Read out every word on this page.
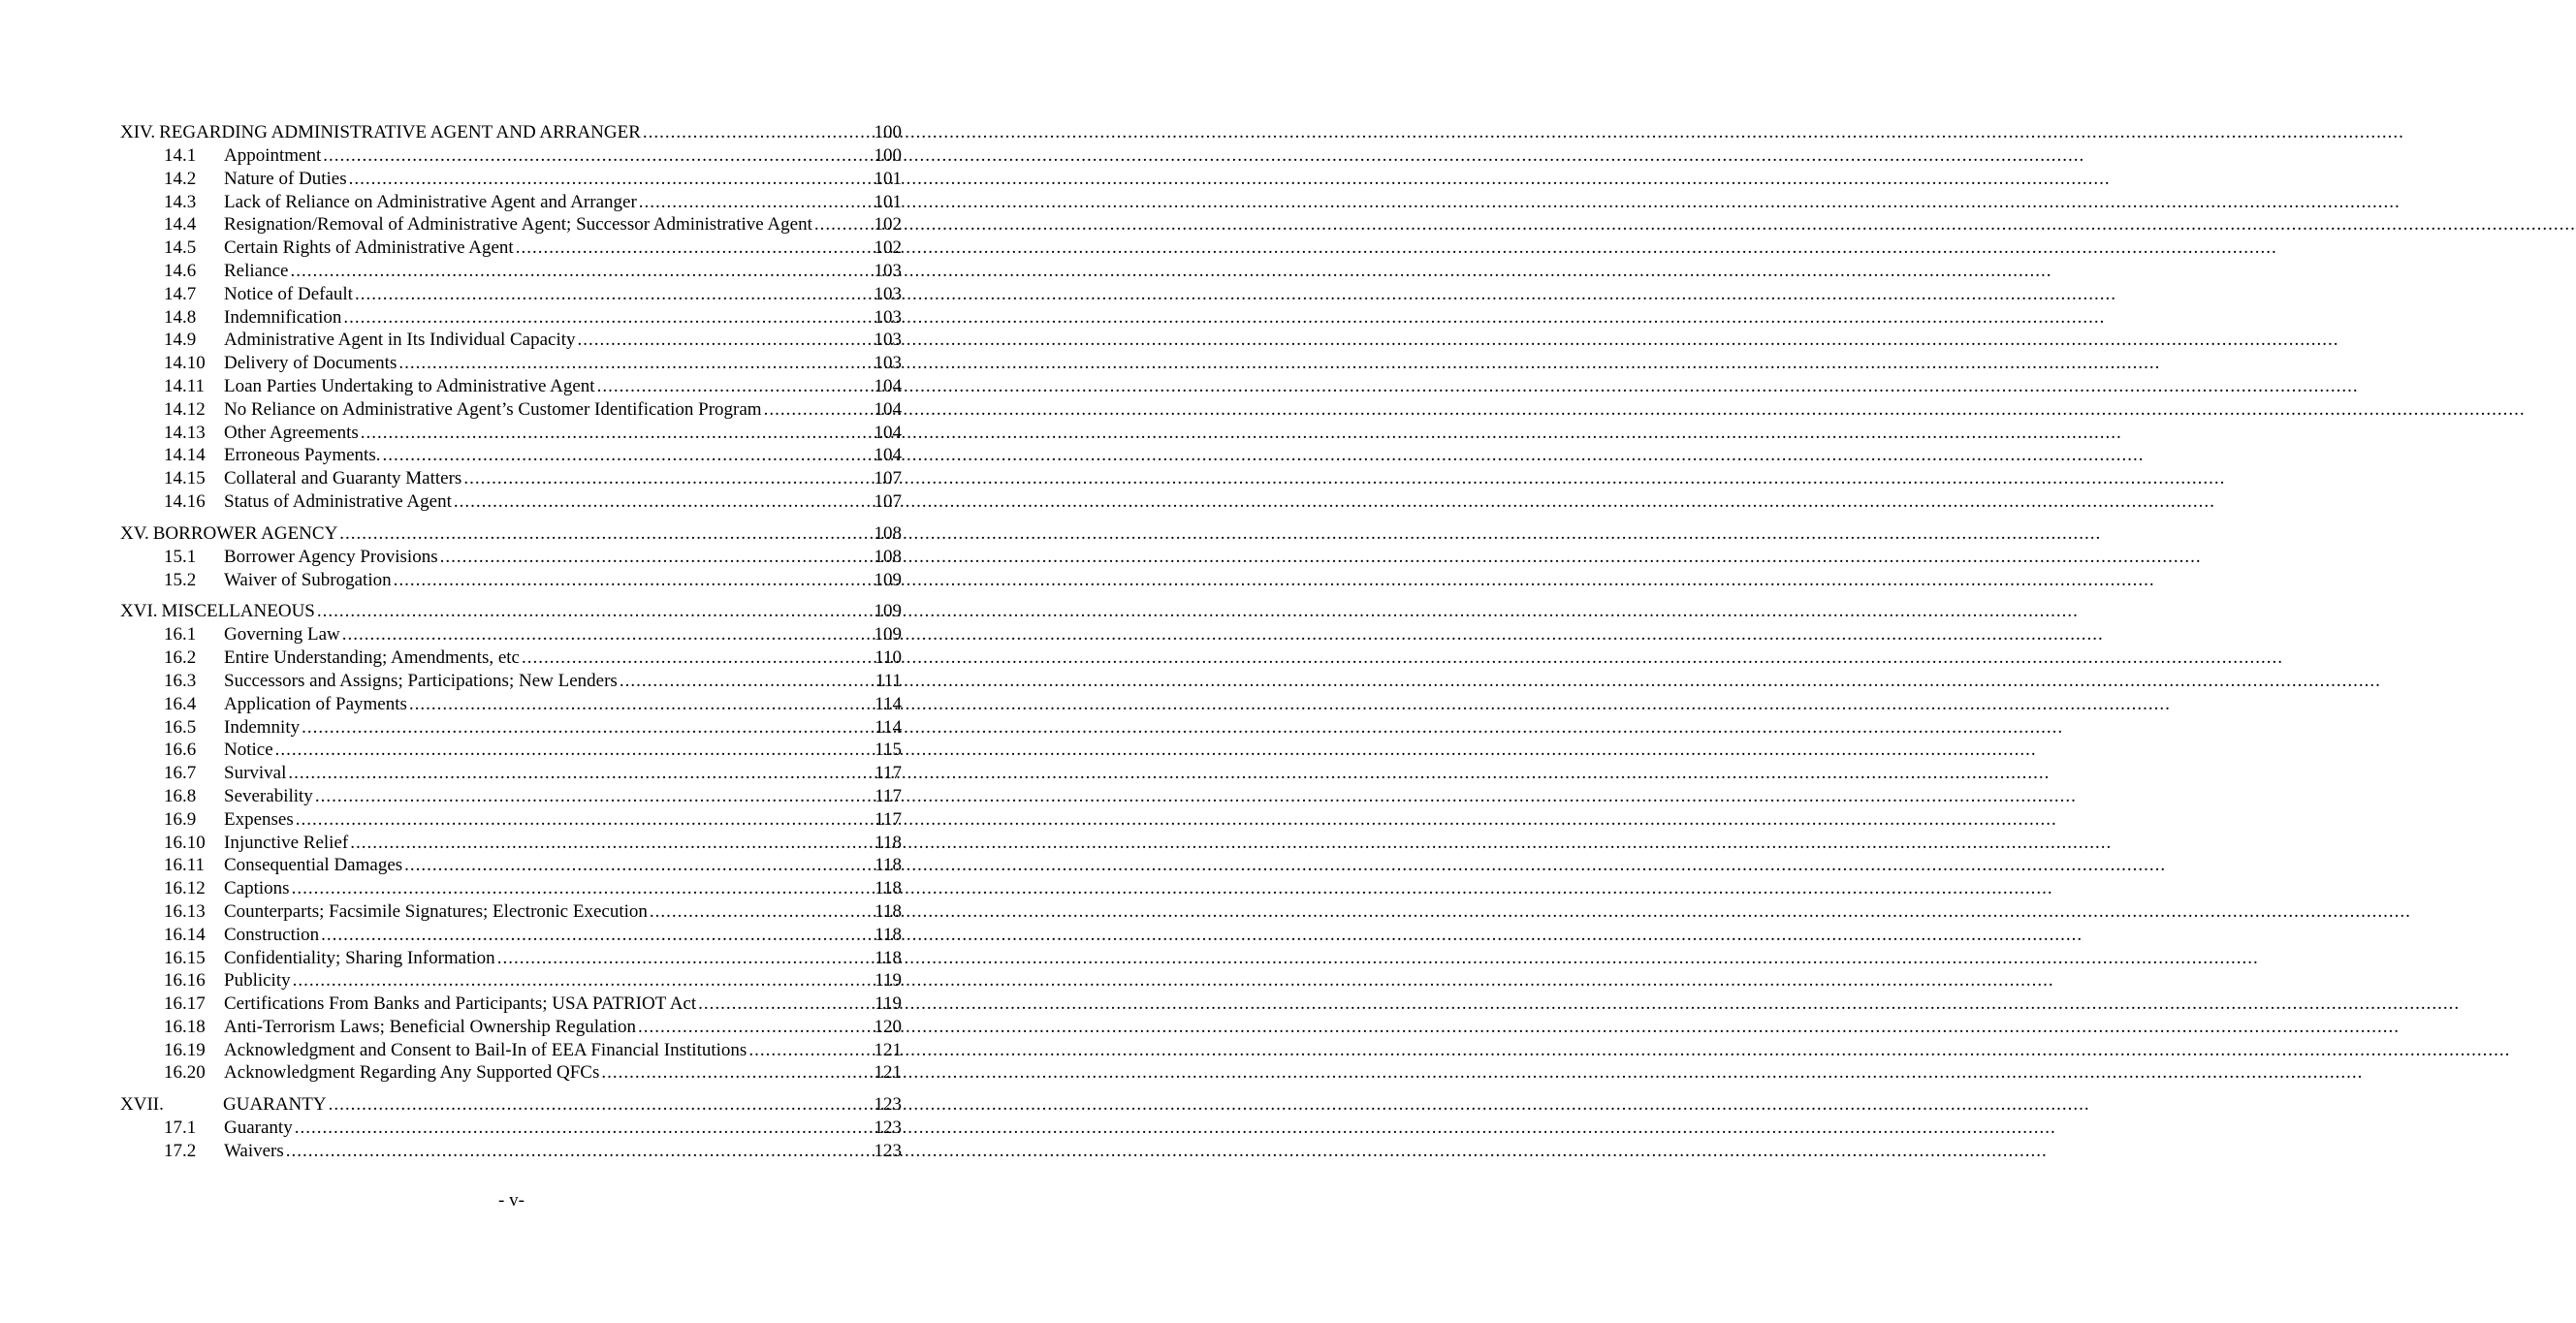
XIV. REGARDING ADMINISTRATIVE AGENT AND ARRANGER .....	100
14.1	Appointment .....	100
14.2	Nature of Duties .....	101
14.3	Lack of Reliance on Administrative Agent and Arranger .....	101
14.4	Resignation/Removal of Administrative Agent; Successor Administrative Agent .....	102
14.5	Certain Rights of Administrative Agent .....	102
14.6	Reliance .....	103
14.7	Notice of Default .....	103
14.8	Indemnification .....	103
14.9	Administrative Agent in Its Individual Capacity .....	103
14.10	Delivery of Documents .....	103
14.11	Loan Parties Undertaking to Administrative Agent .....	104
14.12	No Reliance on Administrative Agent’s Customer Identification Program .....	104
14.13	Other Agreements .....	104
14.14	Erroneous Payments. .....	104
14.15	Collateral and Guaranty Matters .....	107
14.16	Status of Administrative Agent .....	107
XV. BORROWER AGENCY .....	108
15.1	Borrower Agency Provisions .....	108
15.2	Waiver of Subrogation .....	109
XVI. MISCELLANEOUS .....	109
16.1	Governing Law .....	109
16.2	Entire Understanding; Amendments, etc .....	110
16.3	Successors and Assigns; Participations; New Lenders .....	111
16.4	Application of Payments .....	114
16.5	Indemnity .....	114
16.6	Notice .....	115
16.7	Survival .....	117
16.8	Severability .....	117
16.9	Expenses .....	117
16.10	Injunctive Relief .....	118
16.11	Consequential Damages .....	118
16.12	Captions .....	118
16.13	Counterparts; Facsimile Signatures; Electronic Execution .....	118
16.14	Construction .....	118
16.15	Confidentiality; Sharing Information .....	118
16.16	Publicity .....	119
16.17	Certifications From Banks and Participants; USA PATRIOT Act .....	119
16.18	Anti-Terrorism Laws; Beneficial Ownership Regulation .....	120
16.19	Acknowledgment and Consent to Bail-In of EEA Financial Institutions .....	121
16.20	Acknowledgment Regarding Any Supported QFCs .....	121
XVII.	GUARANTY .....	123
17.1	Guaranty .....	123
17.2	Waivers .....	123
- v-
